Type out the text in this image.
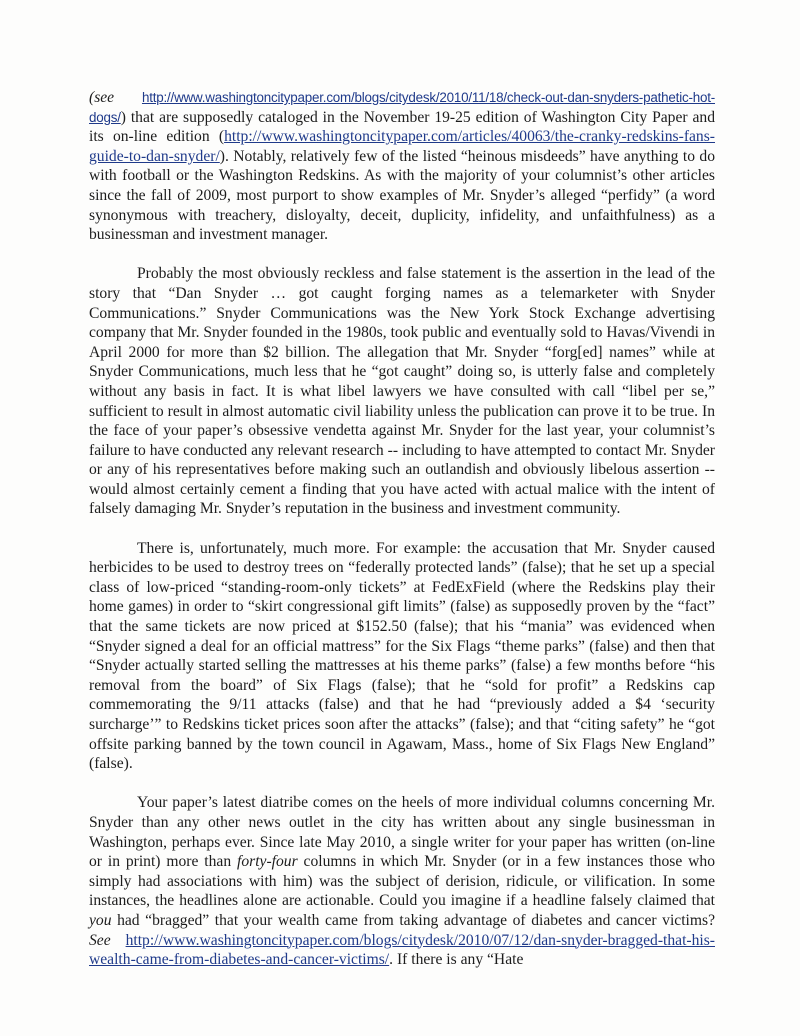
(see http://www.washingtoncitypaper.com/blogs/citydesk/2010/11/18/check-out-dan-snyders-pathetic-hot-dogs/) that are supposedly cataloged in the November 19-25 edition of Washington City Paper and its on-line edition (http://www.washingtoncitypaper.com/articles/40063/the-cranky-redskins-fans-guide-to-dan-snyder/). Notably, relatively few of the listed “heinous misdeeds” have anything to do with football or the Washington Redskins. As with the majority of your columnist’s other articles since the fall of 2009, most purport to show examples of Mr. Snyder’s alleged “perfidy” (a word synonymous with treachery, disloyalty, deceit, duplicity, infidelity, and unfaithfulness) as a businessman and investment manager.

Probably the most obviously reckless and false statement is the assertion in the lead of the story that “Dan Snyder … got caught forging names as a telemarketer with Snyder Communications.” Snyder Communications was the New York Stock Exchange advertising company that Mr. Snyder founded in the 1980s, took public and eventually sold to Havas/Vivendi in April 2000 for more than $2 billion. The allegation that Mr. Snyder “forg[ed] names” while at Snyder Communications, much less that he “got caught” doing so, is utterly false and completely without any basis in fact. It is what libel lawyers we have consulted with call “libel per se,” sufficient to result in almost automatic civil liability unless the publication can prove it to be true. In the face of your paper’s obsessive vendetta against Mr. Snyder for the last year, your columnist’s failure to have conducted any relevant research -- including to have attempted to contact Mr. Snyder or any of his representatives before making such an outlandish and obviously libelous assertion -- would almost certainly cement a finding that you have acted with actual malice with the intent of falsely damaging Mr. Snyder’s reputation in the business and investment community.

There is, unfortunately, much more. For example: the accusation that Mr. Snyder caused herbicides to be used to destroy trees on “federally protected lands” (false); that he set up a special class of low-priced “standing-room-only tickets” at FedExField (where the Redskins play their home games) in order to “skirt congressional gift limits” (false) as supposedly proven by the “fact” that the same tickets are now priced at $152.50 (false); that his “mania” was evidenced when “Snyder signed a deal for an official mattress” for the Six Flags “theme parks” (false) and then that “Snyder actually started selling the mattresses at his theme parks” (false) a few months before “his removal from the board” of Six Flags (false); that he “sold for profit” a Redskins cap commemorating the 9/11 attacks (false) and that he had “previously added a $4 ‘security surcharge’” to Redskins ticket prices soon after the attacks” (false); and that “citing safety” he “got offsite parking banned by the town council in Agawam, Mass., home of Six Flags New England” (false).

Your paper’s latest diatribe comes on the heels of more individual columns concerning Mr. Snyder than any other news outlet in the city has written about any single businessman in Washington, perhaps ever. Since late May 2010, a single writer for your paper has written (on-line or in print) more than forty-four columns in which Mr. Snyder (or in a few instances those who simply had associations with him) was the subject of derision, ridicule, or vilification. In some instances, the headlines alone are actionable. Could you imagine if a headline falsely claimed that you had “bragged” that your wealth came from taking advantage of diabetes and cancer victims? See http://www.washingtoncitypaper.com/blogs/citydesk/2010/07/12/dan-snyder-bragged-that-his-wealth-came-from-diabetes-and-cancer-victims/. If there is any “Hate
